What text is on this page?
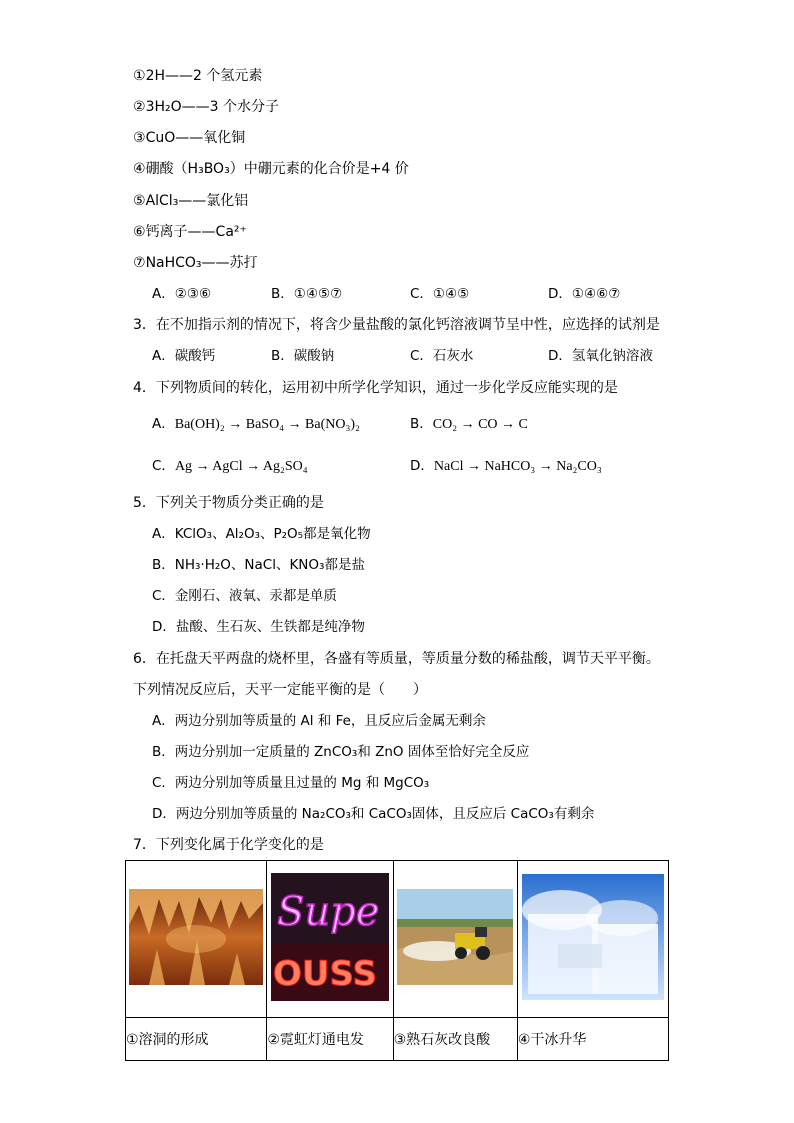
①2H——2 个氢元素
②3H₂O——3 个水分子
③CuO——氧化铜
④硼酸（H₃BO₃）中硼元素的化合价是+4 价
⑤AlCl₃——氯化铝
⑥钙离子——Ca²⁺
⑦NaHCO₃——苏打
A．②③⑥	B．①④⑤⑦	C．①④⑤	D．①④⑥⑦
3．在不加指示剂的情况下，将含少量盐酸的氯化钙溶液调节呈中性，应选择的试剂是
A．碳酸钙	B．碳酸钠	C．石灰水	D．氢氧化钠溶液
4．下列物质间的转化，运用初中所学化学知识，通过一步化学反应能实现的是
A．Ba(OH)₂ → BaSO₄ → Ba(NO₃)₂	B．CO₂ → CO → C
C．Ag → AgCl → Ag₂SO₄	D．NaCl → NaHCO₃ → Na₂CO₃
5．下列关于物质分类正确的是
A．KClO₃、Al₂O₃、P₂O₅都是氧化物
B．NH₃·H₂O、NaCl、KNO₃都是盐
C．金刚石、液氧、汞都是单质
D．盐酸、生石灰、生铁都是纯净物
6．在托盘天平两盘的烧杯里，各盛有等质量，等质量分数的稀盐酸，调节天平平衡。
下列情况反应后，天平一定能平衡的是（　　）
A．两边分别加等质量的 Al 和 Fe，且反应后金属无剩余
B．两边分别加一定质量的 ZnCO₃和 ZnO 固体至恰好完全反应
C．两边分别加等质量且过量的 Mg 和 MgCO₃
D．两边分别加等质量的 Na₂CO₃和 CaCO₃固体，且反应后 CaCO₃有剩余
7．下列变化属于化学变化的是

Supe
OUSS

①溶洞的形成	②霓虹灯通电发	③熟石灰改良酸	④干冰升华
